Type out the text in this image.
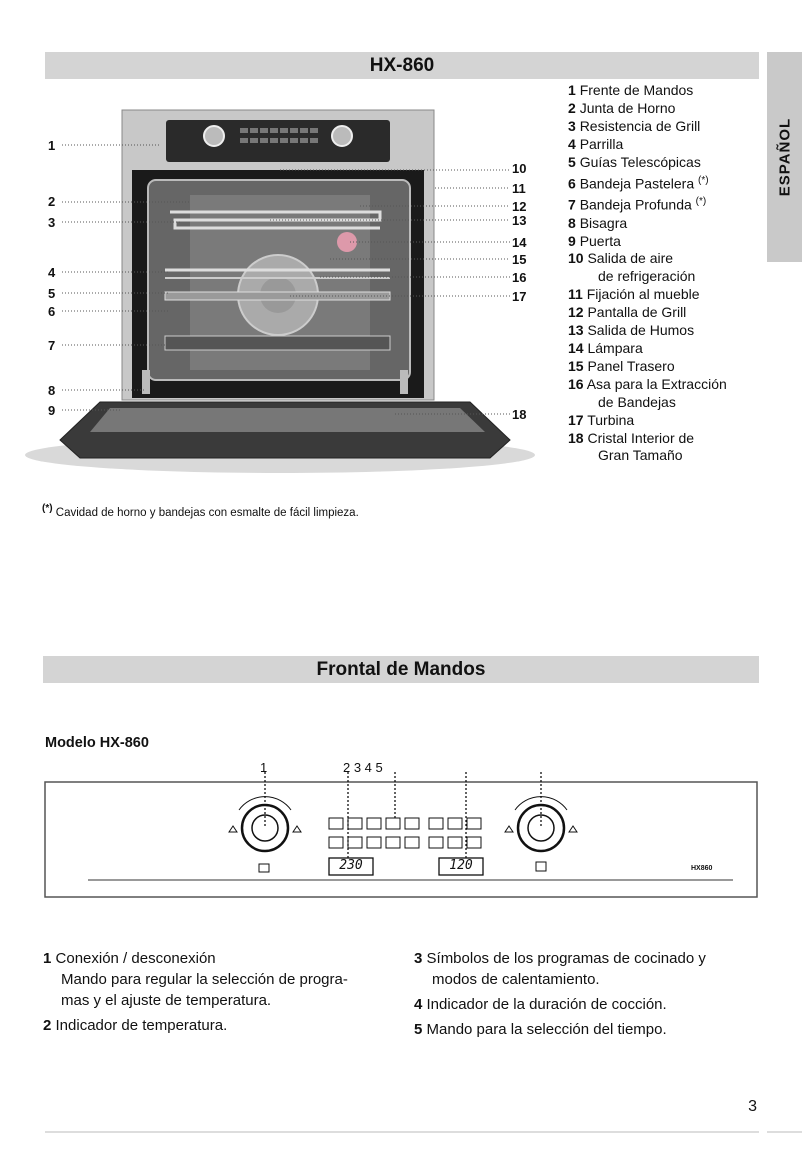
HX-860
ESPAÑOL
1
2
3
4
5
6
7
8
9
10
11
12
13
14
15
16
17
18
1 Frente de Mandos
2 Junta de Horno
3 Resistencia de Grill
4 Parrilla
5 Guías Telescópicas
6 Bandeja Pastelera (*)
7 Bandeja Profunda (*)
8 Bisagra
9 Puerta
10 Salida de aire
de refrigeración
11 Fijación al mueble
12 Pantalla de Grill
13 Salida de Humos
14 Lámpara
15 Panel Trasero
16 Asa para la Extracción
de Bandejas
17 Turbina
18 Cristal Interior de
Gran Tamaño
(*) Cavidad de horno y bandejas con esmalte de fácil limpieza.
Frontal de Mandos
Modelo HX-860
1	2 3 4 5
230	120	HX860

1 Conexión / desconexión
Mando para regular la selección de progra-
mas y el ajuste de temperatura.

2 Indicador de temperatura.

3 Símbolos de los programas de cocinado y
modos de calentamiento.

4 Indicador de la duración de cocción.

5 Mando para la selección del tiempo.

3
